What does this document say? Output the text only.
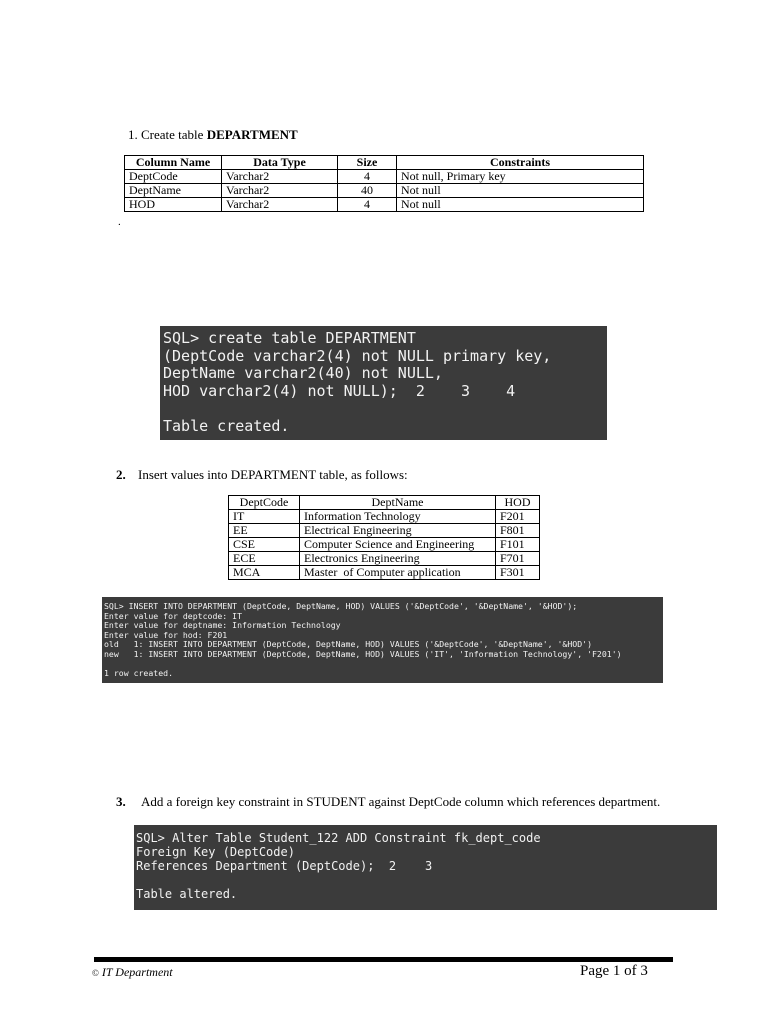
1. Create table DEPARTMENT
Column Name	Data Type	Size	Constraints
DeptCode	Varchar2	4	Not null, Primary key
DeptName	Varchar2	40	Not null
HOD	Varchar2	4	Not null
.
SQL> create table DEPARTMENT
(DeptCode varchar2(4) not NULL primary key,
DeptName varchar2(40) not NULL,
HOD varchar2(4) not NULL);  2    3    4

Table created.
2. Insert values into DEPARTMENT table, as follows:
DeptCode	DeptName	HOD
IT	Information Technology	F201
EE	Electrical Engineering	F801
CSE	Computer Science and Engineering	F101
ECE	Electronics Engineering	F701
MCA	Master  of Computer application	F301
SQL> INSERT INTO DEPARTMENT (DeptCode, DeptName, HOD) VALUES ('&DeptCode', '&DeptName', '&HOD');
Enter value for deptcode: IT
Enter value for deptname: Information Technology
Enter value for hod: F201
old   1: INSERT INTO DEPARTMENT (DeptCode, DeptName, HOD) VALUES ('&DeptCode', '&DeptName', '&HOD')
new   1: INSERT INTO DEPARTMENT (DeptCode, DeptName, HOD) VALUES ('IT', 'Information Technology', 'F201')

1 row created.
3. Add a foreign key constraint in STUDENT against DeptCode column which references department.
SQL> Alter Table Student_122 ADD Constraint fk_dept_code
Foreign Key (DeptCode)
References Department (DeptCode);  2    3

Table altered.
© IT Department	Page 1 of 3
